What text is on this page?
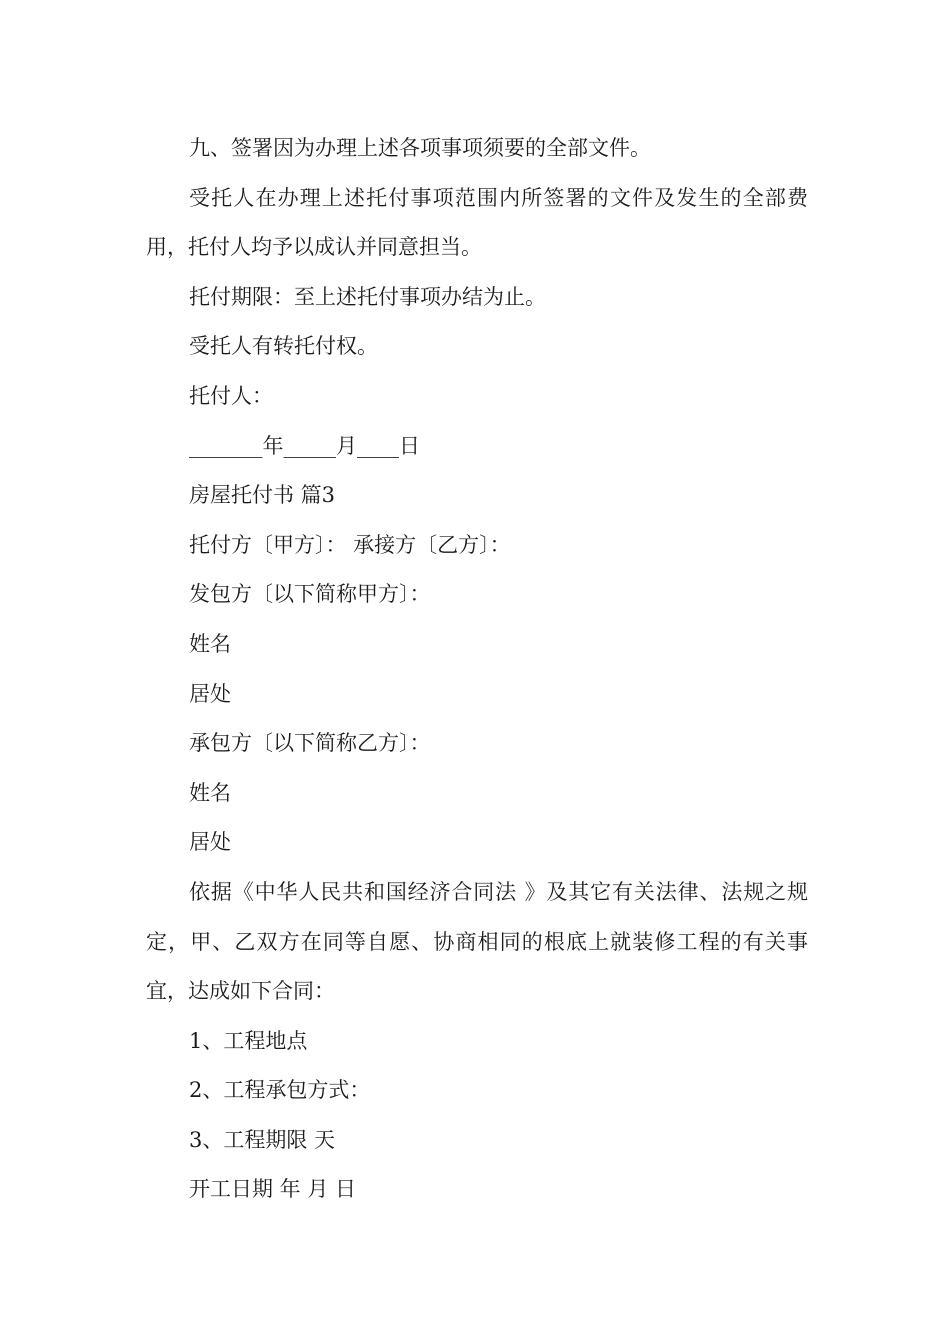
九、签署因为办理上述各项事项须要的全部文件。

受托人在办理上述托付事项范围内所签署的文件及发生的全部费用，托付人均予以成认并同意担当。

托付期限：至上述托付事项办结为止。

受托人有转托付权。

托付人：

_______年_____月____日

房屋托付书 篇3

托付方〔甲方〕： 承接方〔乙方〕：

发包方〔以下简称甲方〕：

姓名

居处

承包方〔以下简称乙方〕：

姓名

居处

依据《中华人民共和国经济合同法 》及其它有关法律、法规之规定，甲、乙双方在同等自愿、协商相同的根底上就装修工程的有关事宜，达成如下合同：

1、工程地点

2、工程承包方式：

3、工程期限 天

开工日期 年 月 日
